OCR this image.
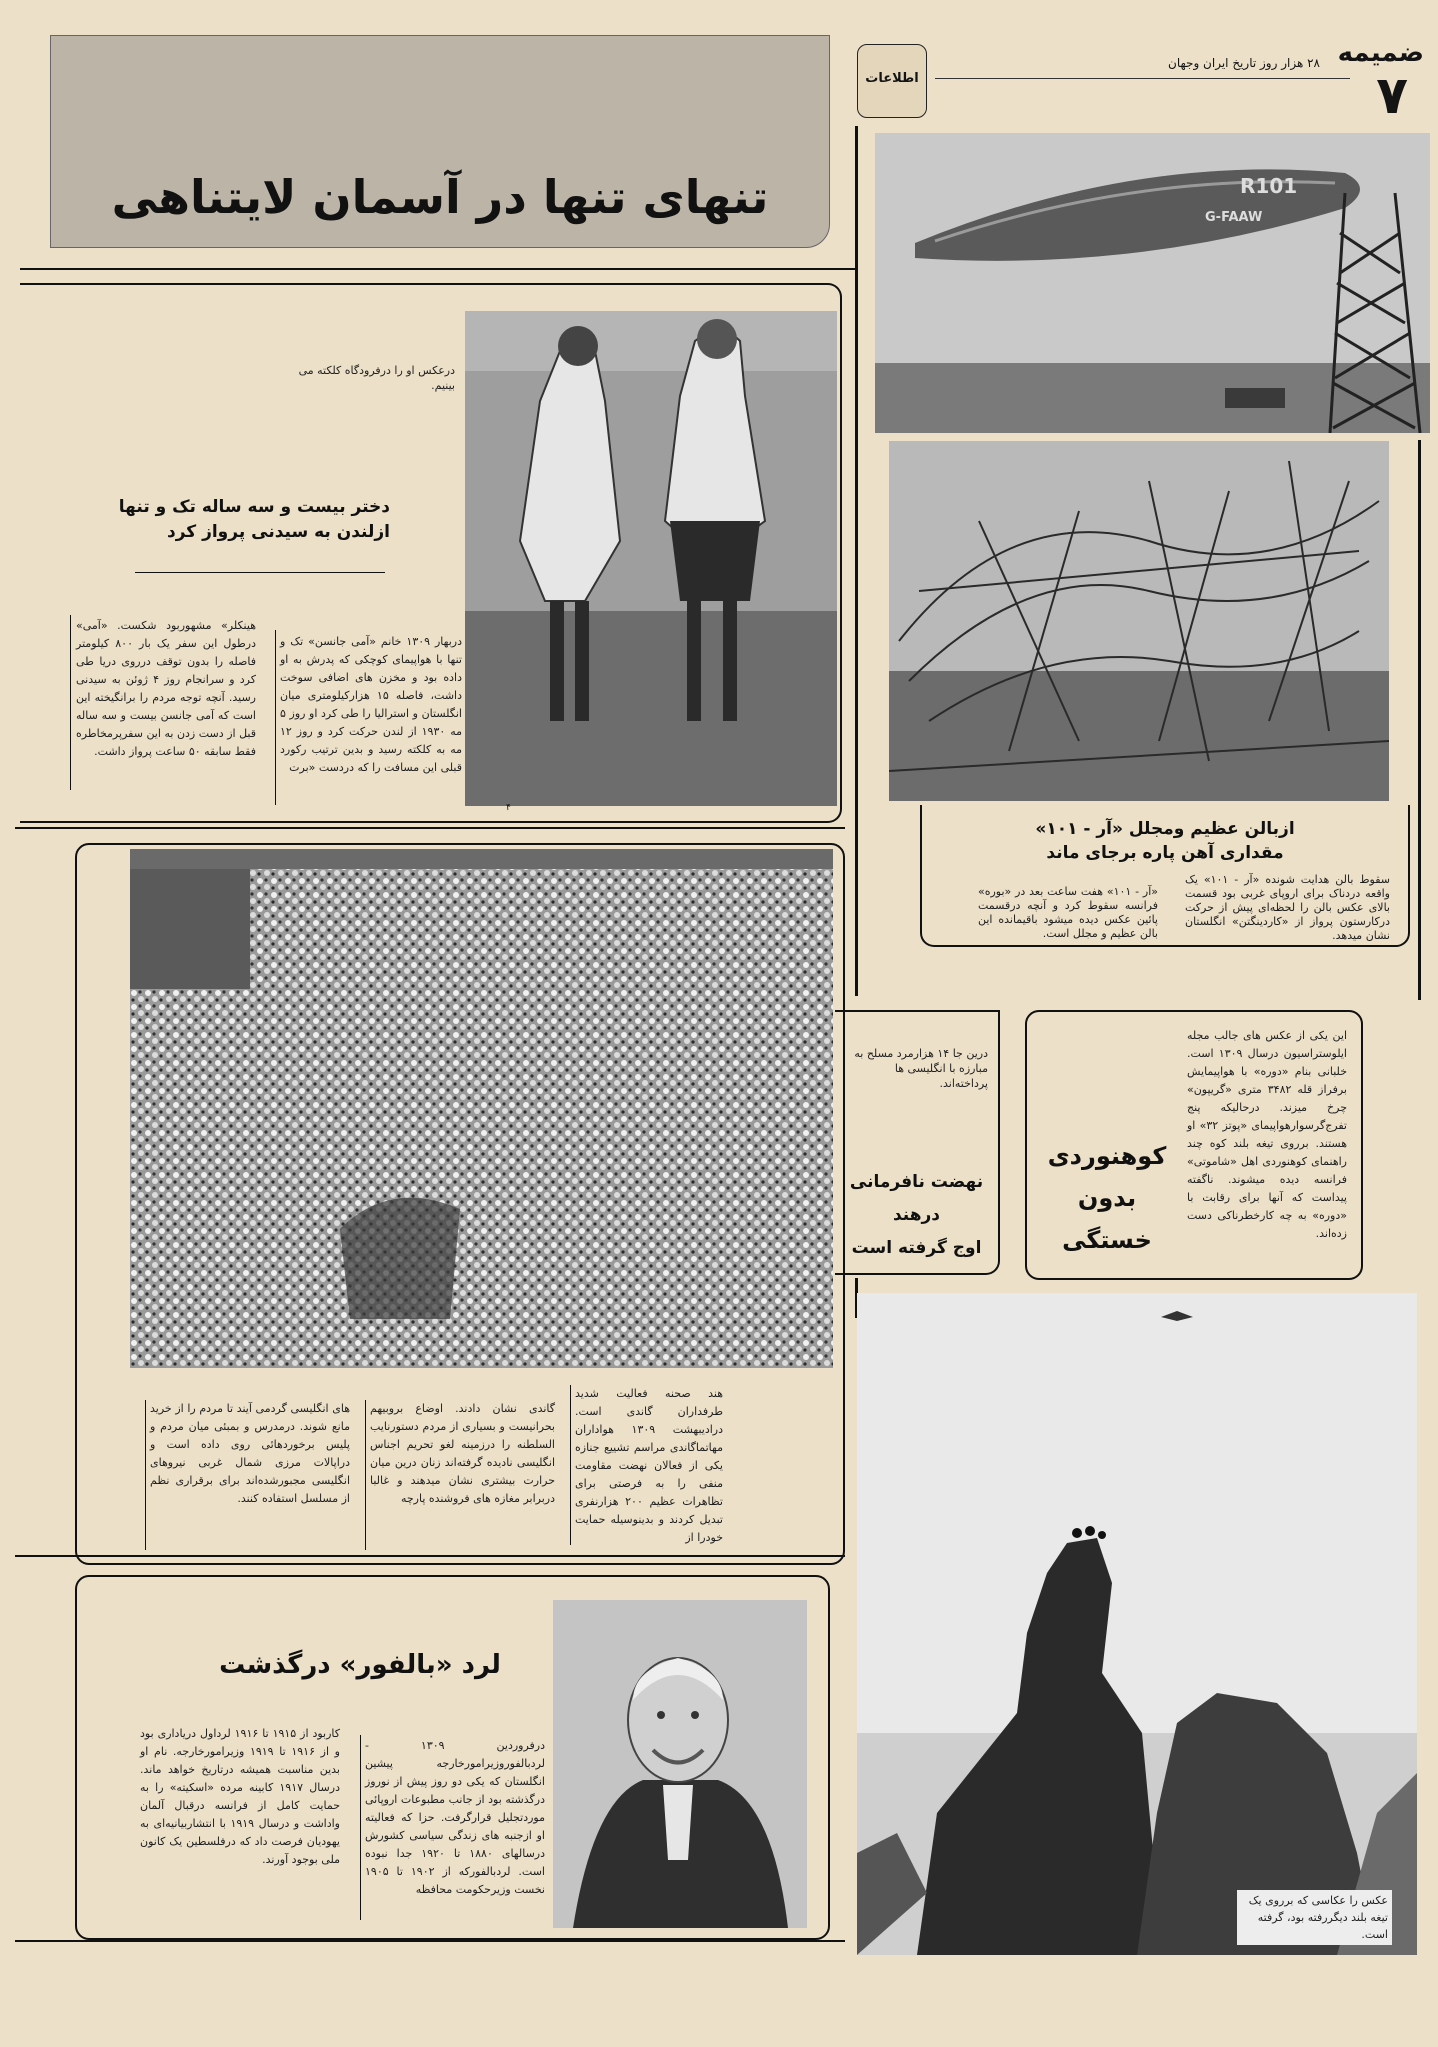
تنهای تنها در آسمان لایتناهی
اطلاعات
۲۸ هزار روز تاریخ ایران وجهان ضمیمه
۷
R101
G-FAAW
ازبالن عظیم ومجلل «آر - ۱۰۱»
مقداری آهن پاره برجای ماند
سقوط بالن هدایت شونده «آر - ۱۰۱» یک واقعه دردناک برای اروپای غربی بود قسمت بالای عکس بالن را لحظه‌ای پیش از حرکت درکارستون پرواز از «کاردینگتن» انگلستان نشان میدهد.
«آر - ۱۰۱» هفت ساعت بعد در «بوره» فرانسه سقوط کرد و آنچه درقسمت پائین عکس دیده میشود باقیمانده این بالن عظیم و مجلل است.
درعکس او را درفرودگاه کلکته می بینیم.
دختر بیست و سه ساله تک و تنها
ازلندن به سیدنی پرواز کرد
دربهار ۱۳۰۹ خانم «آمی جانسن» تک و تنها با هواپیمای کوچکی که پدرش به او داده بود و مخزن های اضافی سوخت داشت، فاصله ۱۵ هزارکیلومتری میان انگلستان و استرالیا را طی کرد او روز ۵ مه ۱۹۳۰ از لندن حرکت کرد و روز ۱۲ مه به کلکته رسید و بدین ترتیب رکورد قبلی این مسافت را که دردست «برت
هینکلر» مشهوربود شکست. «آمی» درطول این سفر یک بار ۸۰۰ کیلومتر فاصله را بدون توقف درروی دریا طی کرد و سرانجام روز ۴ ژوئن به سیدنی رسید. آنچه توجه مردم را برانگیخته این است که آمی جانسن بیست و سه ساله قبل از دست زدن به این سفرپرمخاطره فقط سابقه ۵۰ ساعت پرواز داشت.
۴
هند صحنه فعالیت شدید طرفداران گاندی است. درادیبهشت ۱۳۰۹ هواداران مهاتماگاندی مراسم تشییع جنازه یکی از فعالان نهضت مقاومت منفی را به فرصتی برای تظاهرات عظیم ۲۰۰ هزارنفری تبدیل کردند و بدینوسیله حمایت خودرا از
گاندی نشان دادند. اوضاع بروبیهم بحرانیست و بسیاری از مردم دستورنایب السلطنه را درزمینه لغو تحریم اجناس انگلیسی نادیده گرفته‌اند زنان درین میان حرارت بیشتری نشان میدهند و غالبا دربرابر مغازه های فروشنده پارچه
های انگلیسی گردمی آیند تا مردم را از خرید مانع شوند. درمدرس و بمبئی میان مردم و پلیس برخوردهائی روی داده است و دراپالات مرزی شمال غربی نیروهای انگلیسی مجبورشده‌اند برای برقراری نظم از مسلسل استفاده کنند.
درین جا ۱۴ هزارمرد مسلح به مبارزه با انگلیسی ها پرداخته‌اند.
نهضت نافرمانی
درهند
اوج گرفته است
کوهنوردی
بدون
خستگی
این یکی از عکس های جالب مجله ایلوستراسیون درسال ۱۳۰۹ است. خلبانی بنام «دوره» با هواپیمایش برفراز قله ۳۴۸۲ متری «گریپون» چرخ میزند. درحالیکه پنج تفرج‌گرسوارهواپیمای «پوتز ۳۲» او هستند. برروی تیغه بلند کوه چند راهنمای کوهنوردی اهل «شاموتی» فرانسه دیده میشوند. ناگفته پیداست که آنها برای رقابت با «دوره» به چه کارخطرناکی دست زده‌اند.
عکس را عکاسی که برروی یک تیغه بلند دیگررفته بود، گرفته است.
لرد «بالفور» درگذشت
درفروردین ۱۳۰۹ - لردبالفوروزیرامورخارجه پیشین انگلستان که یکی دو روز پیش از نوروز درگذشته بود از جانب مطبوعات اروپائی موردتجلیل قرارگرفت. حزا که فعالیته او ازجنبه های زندگی سیاسی کشورش درسالهای ۱۸۸۰ تا ۱۹۲۰ جدا نبوده است. لردبالفورکه از ۱۹۰۲ تا ۱۹۰۵ نخست وزیرحکومت محافظه
کاربود از ۱۹۱۵ تا ۱۹۱۶ لرداول دریاداری بود و از ۱۹۱۶ تا ۱۹۱۹ وزیرامورخارجه. نام او بدین مناسبت همیشه درتاریخ خواهد ماند. درسال ۱۹۱۷ کابینه مرده «اسکیته» را به حمایت کامل از فرانسه درقبال آلمان واداشت و درسال ۱۹۱۹ با انتشاربیانیه‌ای به یهودیان فرصت داد که درفلسطین یک کانون ملی بوجود آورند.
